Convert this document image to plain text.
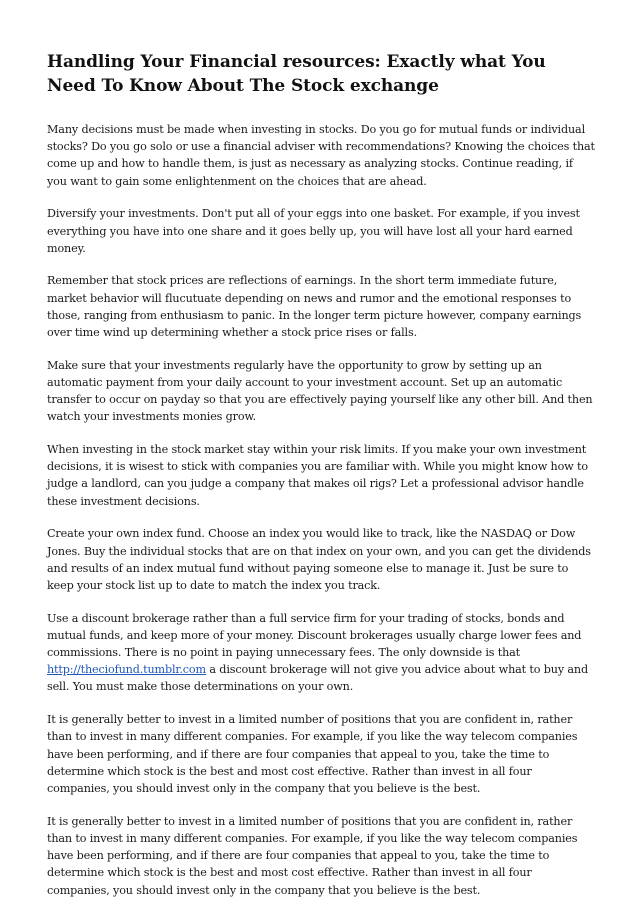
Handling Your Financial resources: Exactly what You Need To Know About The Stock exchange

Many decisions must be made when investing in stocks. Do you go for mutual funds or individual stocks? Do you go solo or use a financial adviser with recommendations? Knowing the choices that come up and how to handle them, is just as necessary as analyzing stocks. Continue reading, if you want to gain some enlightenment on the choices that are ahead.

Diversify your investments. Don't put all of your eggs into one basket. For example, if you invest everything you have into one share and it goes belly up, you will have lost all your hard earned money.

Remember that stock prices are reflections of earnings. In the short term immediate future, market behavior will flucutuate depending on news and rumor and the emotional responses to those, ranging from enthusiasm to panic. In the longer term picture however, company earnings over time wind up determining whether a stock price rises or falls.

Make sure that your investments regularly have the opportunity to grow by setting up an automatic payment from your daily account to your investment account. Set up an automatic transfer to occur on payday so that you are effectively paying yourself like any other bill. And then watch your investments monies grow.

When investing in the stock market stay within your risk limits. If you make your own investment decisions, it is wisest to stick with companies you are familiar with. While you might know how to judge a landlord, can you judge a company that makes oil rigs? Let a professional advisor handle these investment decisions.

Create your own index fund. Choose an index you would like to track, like the NASDAQ or Dow Jones. Buy the individual stocks that are on that index on your own, and you can get the dividends and results of an index mutual fund without paying someone else to manage it. Just be sure to keep your stock list up to date to match the index you track.

Use a discount brokerage rather than a full service firm for your trading of stocks, bonds and mutual funds, and keep more of your money. Discount brokerages usually charge lower fees and commissions. There is no point in paying unnecessary fees. The only downside is that http://theciofund.tumblr.com a discount brokerage will not give you advice about what to buy and sell. You must make those determinations on your own.

It is generally better to invest in a limited number of positions that you are confident in, rather than to invest in many different companies. For example, if you like the way telecom companies have been performing, and if there are four companies that appeal to you, take the time to determine which stock is the best and most cost effective. Rather than invest in all four companies, you should invest only in the company that you believe is the best.

It is generally better to invest in a limited number of positions that you are confident in, rather than to invest in many different companies. For example, if you like the way telecom companies have been performing, and if there are four companies that appeal to you, take the time to determine which stock is the best and most cost effective. Rather than invest in all four companies, you should invest only in the company that you believe is the best.
